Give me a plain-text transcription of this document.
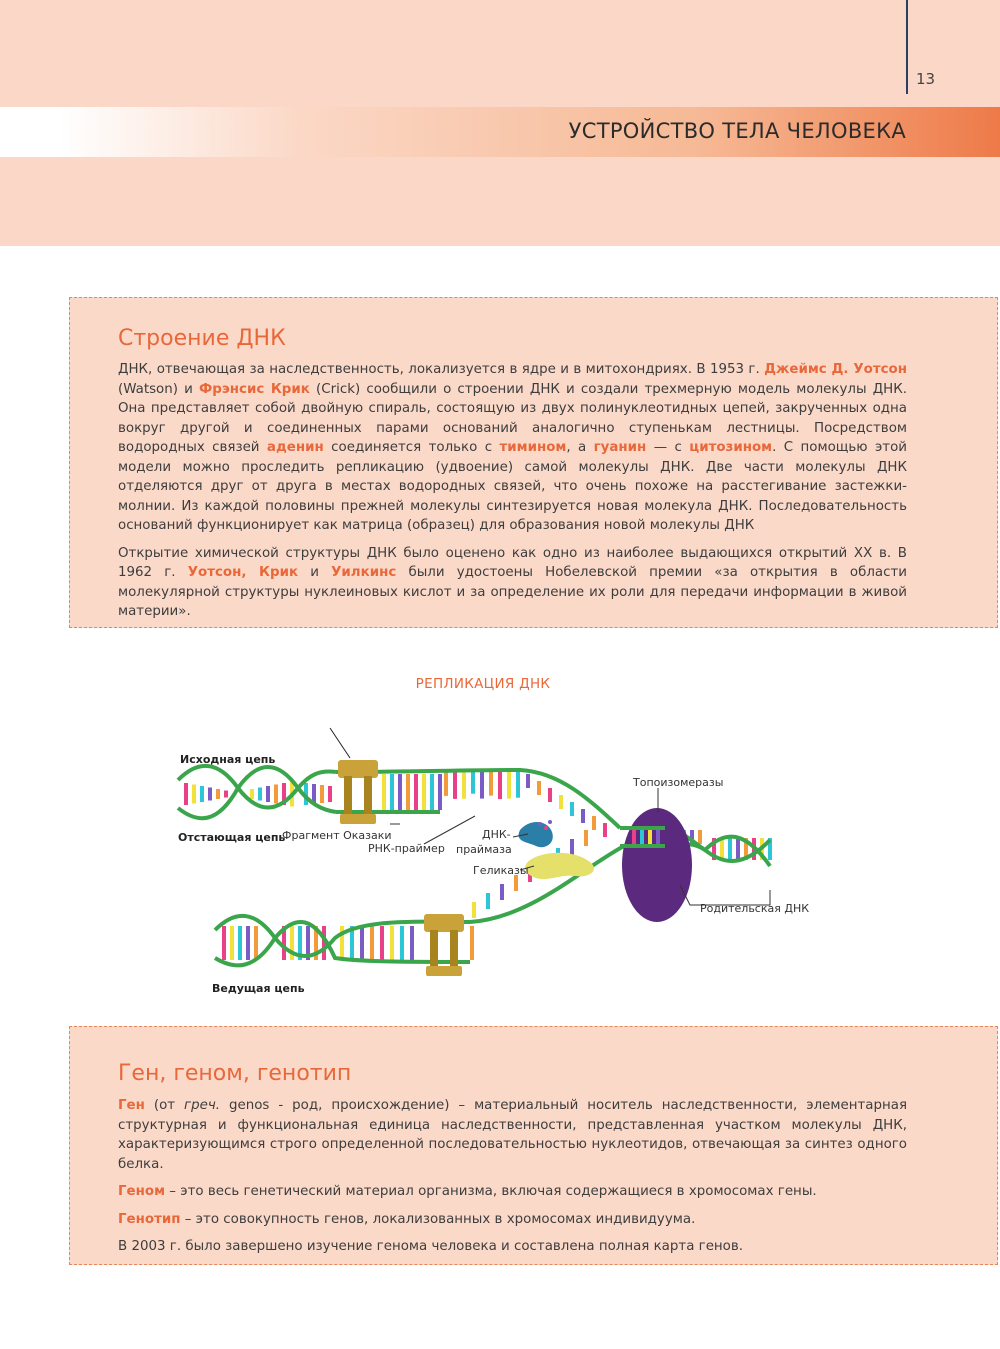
13
УСТРОЙСТВО ТЕЛА ЧЕЛОВЕКА
Строение ДНК

ДНК, отвечающая за наследственность, локализуется в ядре и в митохондриях. В 1953 г. Джеймс Д. Уотсон (Watson) и Фрэнсис Крик (Crick) сообщили о строении ДНК и создали трехмерную модель молекулы ДНК. Она представляет собой двойную спираль, состоящую из двух полинуклеотидных цепей, закрученных одна вокруг другой и соединенных парами оснований аналогично ступенькам лестницы. Посредством водородных связей аденин соединяется только с тимином, а гуанин — с цитозином. С помощью этой модели можно проследить репликацию (удвоение) самой молекулы ДНК. Две части молекулы ДНК отделяются друг от друга в местах водородных связей, что очень похоже на расстегивание застежки-молнии. Из каждой половины прежней молекулы синтезируется новая молекула ДНК. Последовательность оснований функционирует как матрица (образец) для образования новой молекулы ДНК

Открытие химической структуры ДНК было оценено как одно из наиболее выдающихся открытий XX в. В 1962 г. Уотсон, Крик и Уилкинс были удостоены Нобелевской премии «за открытия в области молекулярной структуры нуклеиновых кислот и за определение их роли для передачи информации в живой материи».

РЕПЛИКАЦИЯ ДНК
Исходная цепь
Отстающая цепь
Фрагмент Оказаки
РНК-праймер
ДНК-
праймаза
Геликазы
Топоизомеразы
Родительская ДНК
Ведущая цепь
Ген, геном, генотип

Ген (от греч. genos - род, происхождение) – материальный носитель наследственности, элементарная структурная и функциональная единица наследственности, представленная участком молекулы ДНК, характеризующимся строго определенной последовательностью нуклеотидов, отвечающая за синтез одного белка.

Геном – это весь генетический материал организма, включая содержащиеся в хромосомах гены.

Генотип – это совокупность генов, локализованных в хромосомах индивидуума.

В 2003 г. было завершено изучение генома человека и составлена полная карта генов.
